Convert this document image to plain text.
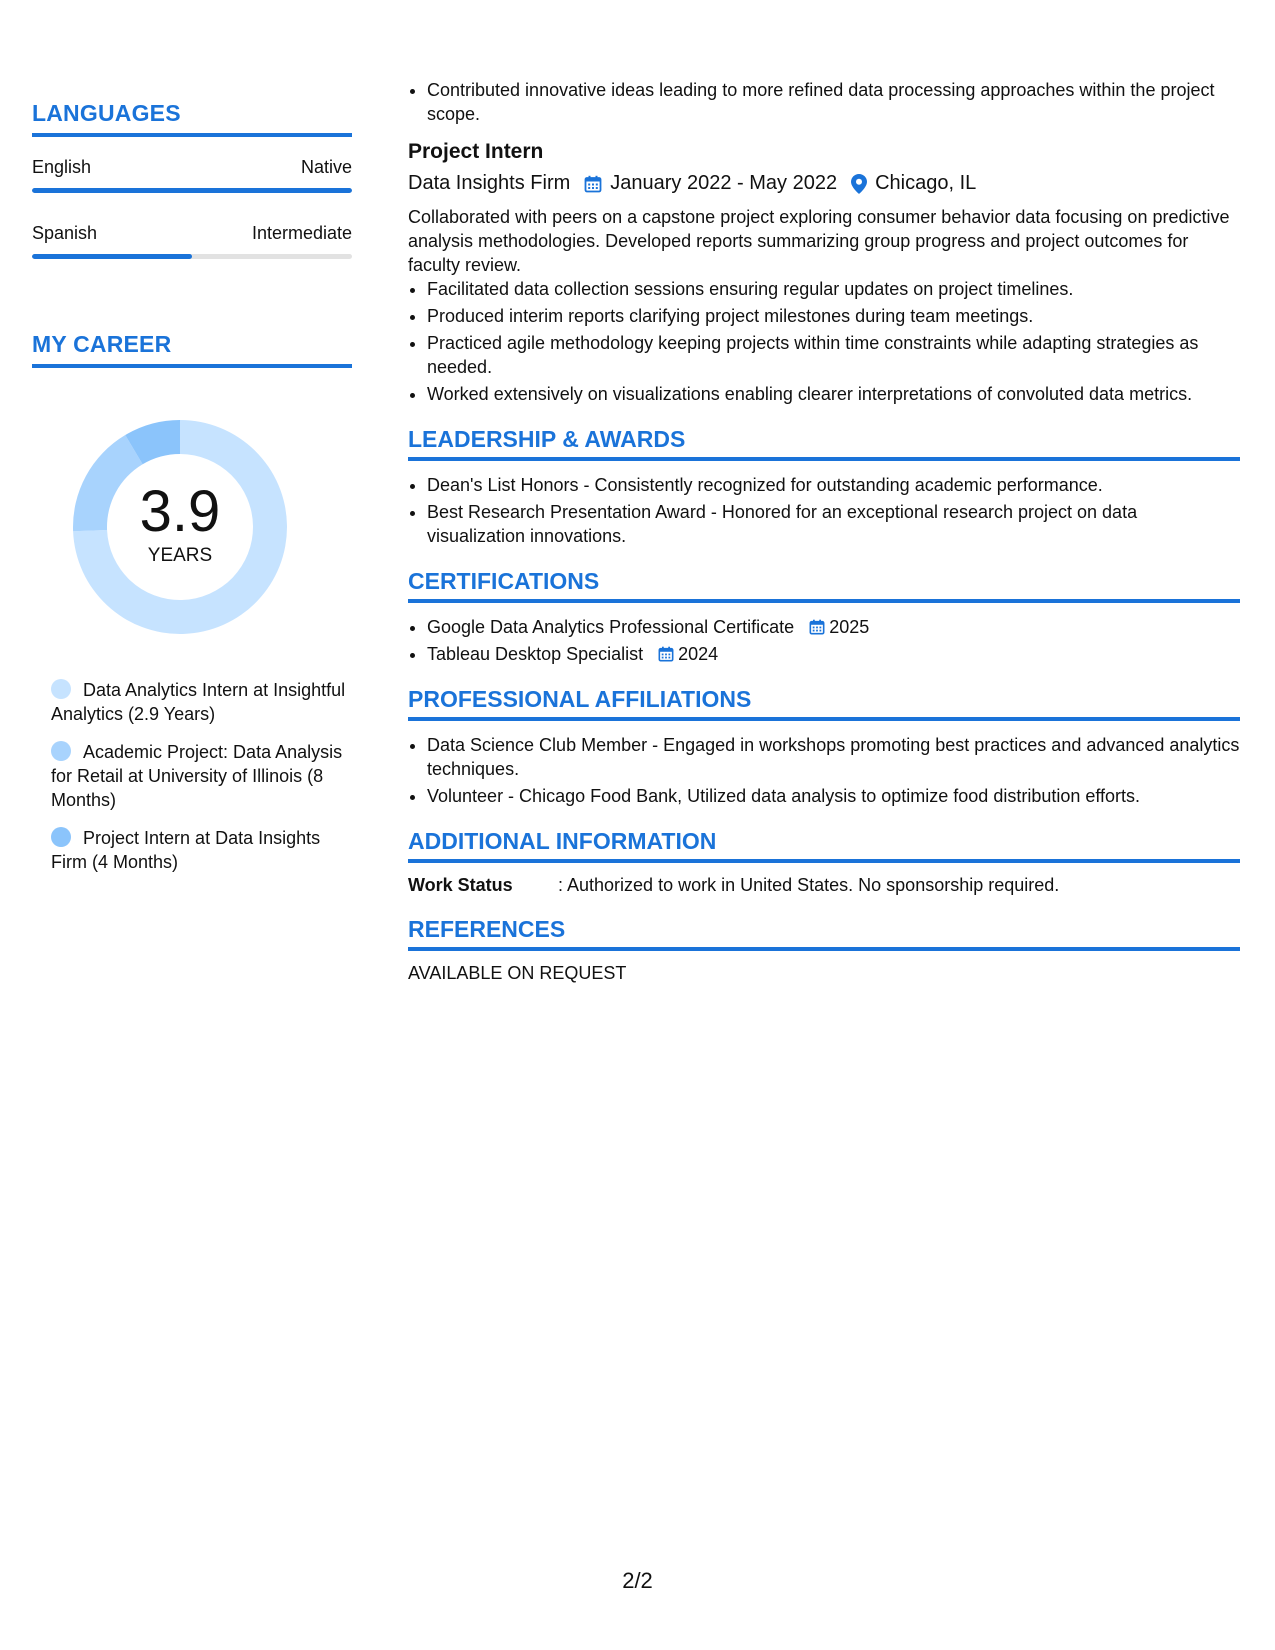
LANGUAGES
English	Native
Spanish	Intermediate
MY CAREER
3.9
YEARS
Data Analytics Intern at Insightful Analytics (2.9 Years)
Academic Project: Data Analysis for Retail at University of Illinois (8 Months)
Project Intern at Data Insights Firm (4 Months)
• Contributed innovative ideas leading to more refined data processing approaches within the project scope.
Project Intern
Data Insights Firm January 2022 - May 2022 Chicago, IL
Collaborated with peers on a capstone project exploring consumer behavior data focusing on predictive analysis methodologies. Developed reports summarizing group progress and project outcomes for faculty review.
• Facilitated data collection sessions ensuring regular updates on project timelines.
• Produced interim reports clarifying project milestones during team meetings.
• Practiced agile methodology keeping projects within time constraints while adapting strategies as needed.
• Worked extensively on visualizations enabling clearer interpretations of convoluted data metrics.
LEADERSHIP & AWARDS
• Dean's List Honors - Consistently recognized for outstanding academic performance.
• Best Research Presentation Award - Honored for an exceptional research project on data visualization innovations.
CERTIFICATIONS
• Google Data Analytics Professional Certificate 2025
• Tableau Desktop Specialist 2024
PROFESSIONAL AFFILIATIONS
• Data Science Club Member - Engaged in workshops promoting best practices and advanced analytics techniques.
• Volunteer - Chicago Food Bank, Utilized data analysis to optimize food distribution efforts.
ADDITIONAL INFORMATION
Work Status	: Authorized to work in United States. No sponsorship required.
REFERENCES
AVAILABLE ON REQUEST
2/2
